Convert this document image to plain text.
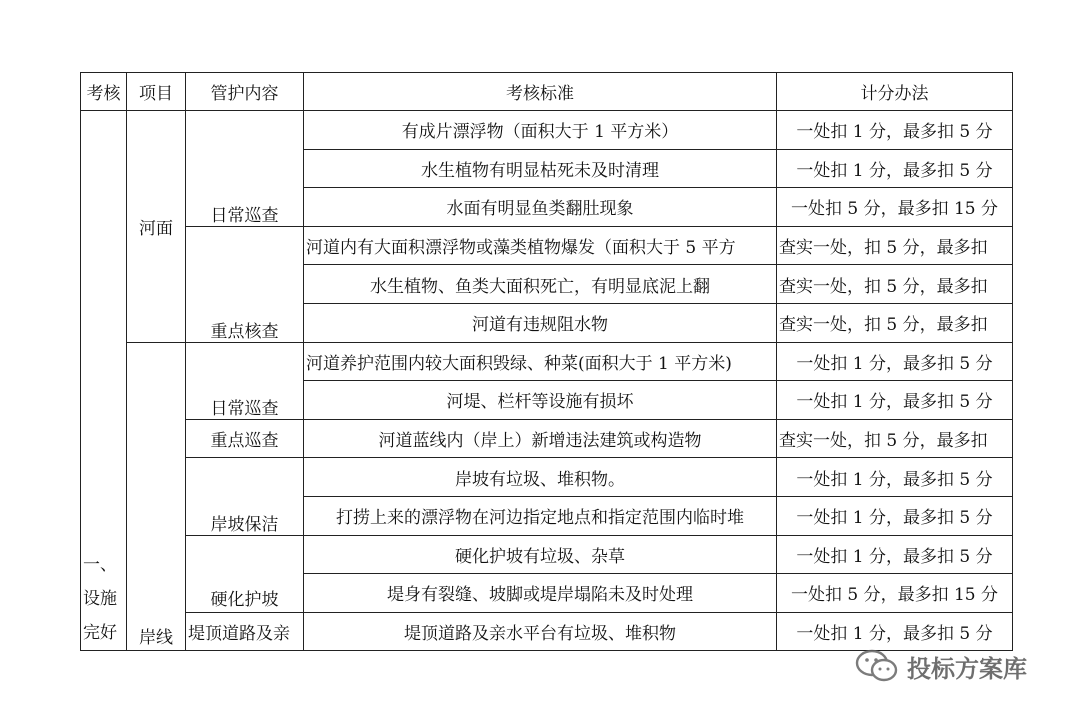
考核	项目	管护内容	考核标准	计分办法

一、
设施
完好	河面	日常巡查	有成片漂浮物（面积大于 1 平方米）	一处扣 1 分，最多扣 5 分
			水生植物有明显枯死未及时清理	一处扣 1 分，最多扣 5 分
			水面有明显鱼类翻肚现象	一处扣 5 分，最多扣 15 分
		重点核查	河道内有大面积漂浮物或藻类植物爆发（面积大于 5 平方	查实一处，扣 5 分，最多扣
			水生植物、鱼类大面积死亡，有明显底泥上翻	查实一处，扣 5 分，最多扣
			河道有违规阻水物	查实一处，扣 5 分，最多扣
	岸线	日常巡查	河道养护范围内较大面积毁绿、种菜(面积大于 1 平方米)	一处扣 1 分，最多扣 5 分
			河堤、栏杆等设施有损坏	一处扣 1 分，最多扣 5 分
		重点巡查	河道蓝线内（岸上）新增违法建筑或构造物	查实一处，扣 5 分，最多扣
		岸坡保洁	岸坡有垃圾、堆积物。	一处扣 1 分，最多扣 5 分
			打捞上来的漂浮物在河边指定地点和指定范围内临时堆	一处扣 1 分，最多扣 5 分
		硬化护坡	硬化护坡有垃圾、杂草	一处扣 1 分，最多扣 5 分
			堤身有裂缝、坡脚或堤岸塌陷未及时处理	一处扣 5 分，最多扣 15 分
		堤顶道路及亲	堤顶道路及亲水平台有垃圾、堆积物	一处扣 1 分，最多扣 5 分
投标方案库
